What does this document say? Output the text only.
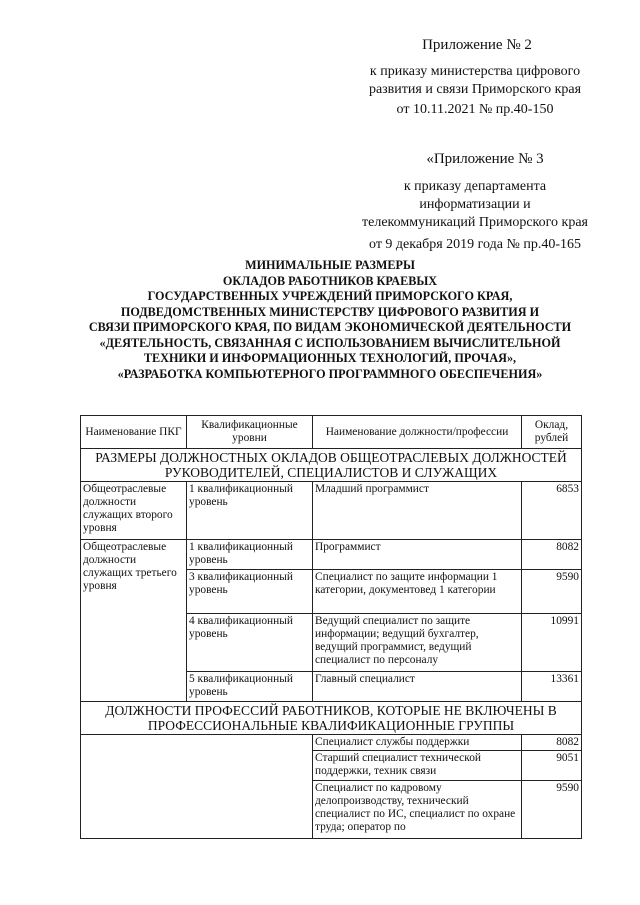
Приложение № 2
к приказу министерства цифрового
развития и связи Приморского края
от 10.11.2021 № пр.40-150
«Приложение № 3
к приказу департамента
информатизации и
телекоммуникаций Приморского края
от 9 декабря 2019 года № пр.40-165
МИНИМАЛЬНЫЕ РАЗМЕРЫ
ОКЛАДОВ РАБОТНИКОВ КРАЕВЫХ
ГОСУДАРСТВЕННЫХ УЧРЕЖДЕНИЙ ПРИМОРСКОГО КРАЯ,
ПОДВЕДОМСТВЕННЫХ МИНИСТЕРСТВУ ЦИФРОВОГО РАЗВИТИЯ И
СВЯЗИ ПРИМОРСКОГО КРАЯ, ПО ВИДАМ ЭКОНОМИЧЕСКОЙ ДЕЯТЕЛЬНОСТИ
«ДЕЯТЕЛЬНОСТЬ, СВЯЗАННАЯ С ИСПОЛЬЗОВАНИЕМ ВЫЧИСЛИТЕЛЬНОЙ
ТЕХНИКИ И ИНФОРМАЦИОННЫХ ТЕХНОЛОГИЙ, ПРОЧАЯ»,
«РАЗРАБОТКА КОМПЬЮТЕРНОГО ПРОГРАММНОГО ОБЕСПЕЧЕНИЯ»
Наименование ПКГ	Квалификационные уровни	Наименование должности/профессии	Оклад, рублей
РАЗМЕРЫ ДОЛЖНОСТНЫХ ОКЛАДОВ ОБЩЕОТРАСЛЕВЫХ ДОЛЖНОСТЕЙ РУКОВОДИТЕЛЕЙ, СПЕЦИАЛИСТОВ И СЛУЖАЩИХ			
Общеотраслевые должности служащих второго уровня	1 квалификационный уровень	Младший программист	6853
Общеотраслевые должности служащих третьего уровня	1 квалификационный уровень	Программист	8082
	3 квалификационный уровень	Специалист по защите информации 1 категории, документовед 1 категории	9590
	4 квалификационный уровень	Ведущий специалист по защите информации; ведущий бухгалтер, ведущий программист, ведущий специалист по персоналу	10991
	5 квалификационный уровень	Главный специалист	13361
ДОЛЖНОСТИ ПРОФЕССИЙ РАБОТНИКОВ, КОТОРЫЕ НЕ ВКЛЮЧЕНЫ В ПРОФЕССИОНАЛЬНЫЕ КВАЛИФИКАЦИОННЫЕ ГРУППЫ			
		Специалист службы поддержки	8082
		Старший специалист технической поддержки, техник связи	9051
		Специалист по кадровому делопроизводству, технический специалист по ИС, специалист по охране труда; оператор по	9590
